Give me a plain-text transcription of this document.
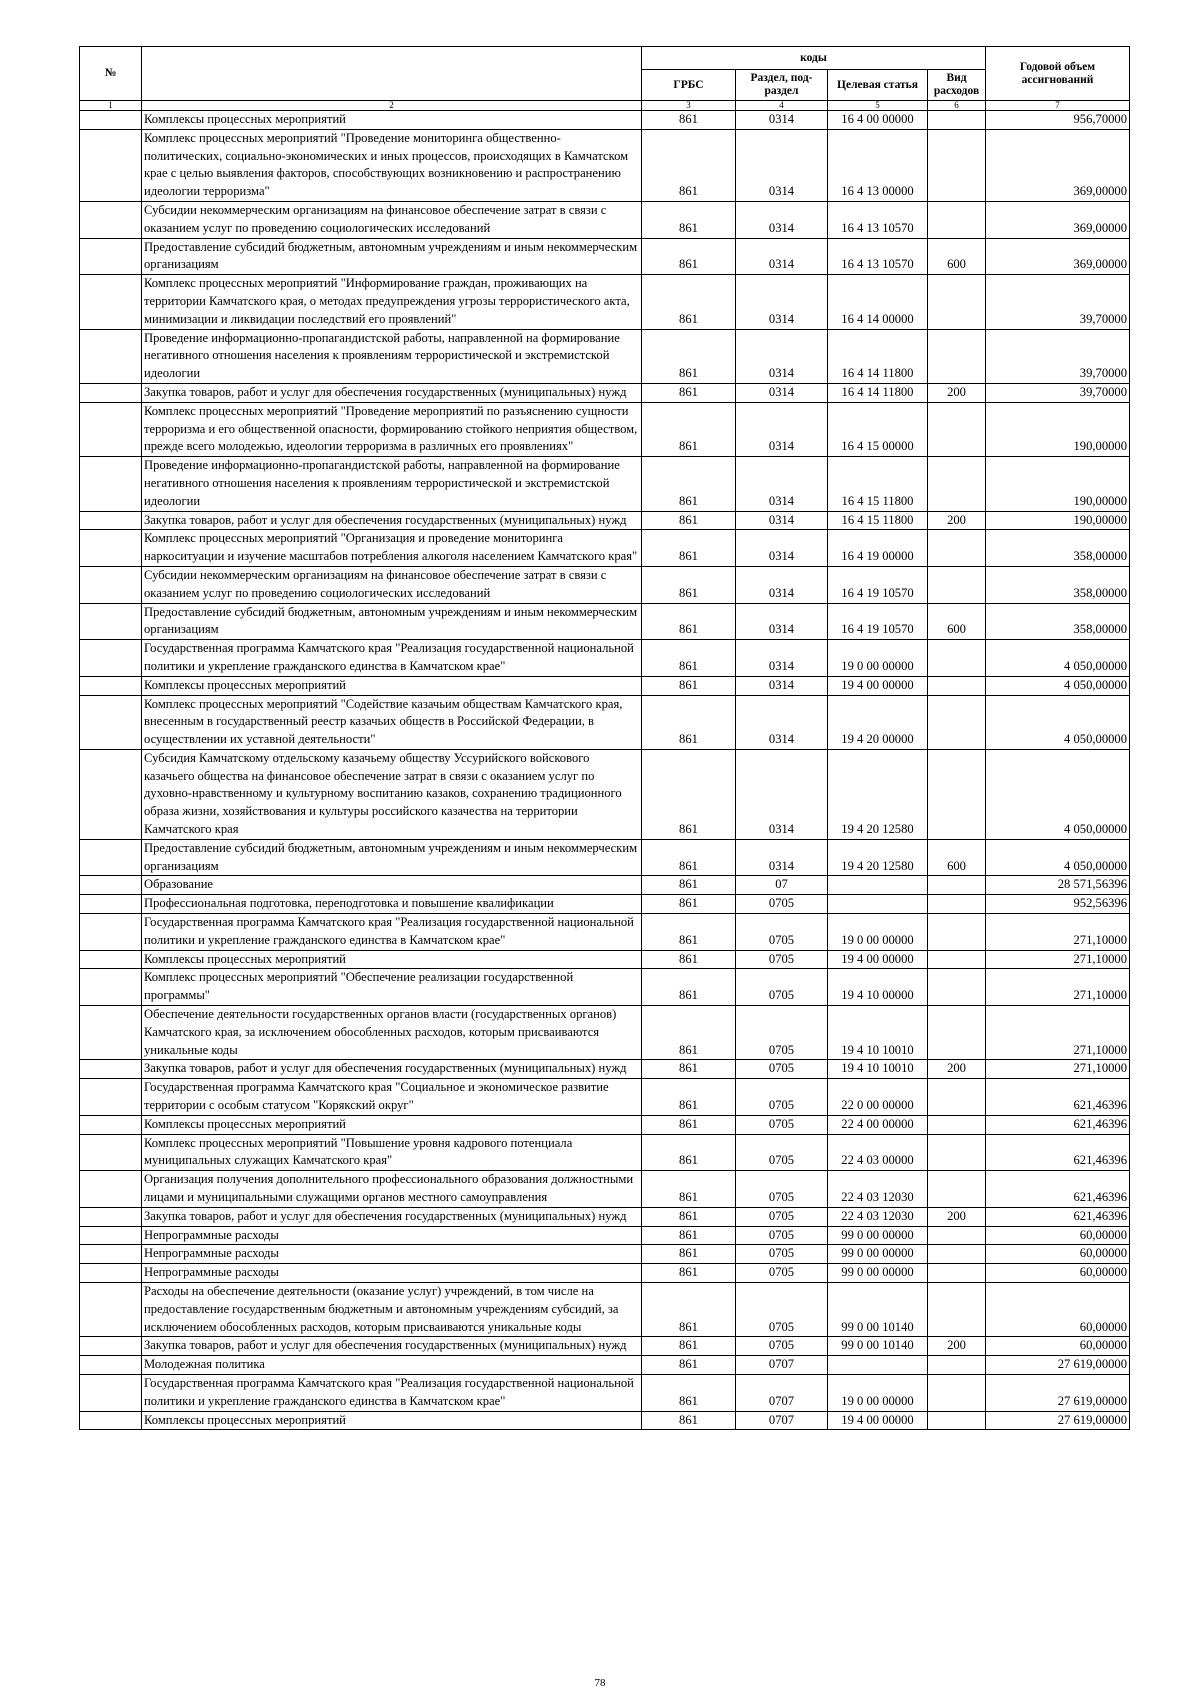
№		коды				Годовой объем ассигнований
		ГРБС	Раздел, под-раздел	Целевая статья	Вид расходов	
1	2	3	4	5	6	7
	Комплексы процессных мероприятий	861	0314	16 4 00 00000		956,70000
	Комплекс процессных мероприятий "Проведение мониторинга общественно-политических, социально-экономических и иных процессов, происходящих в Камчатском крае с целью выявления факторов, способствующих возникновению и распространению идеологии терроризма"	861	0314	16 4 13 00000		369,00000
	Субсидии некоммерческим организациям на финансовое обеспечение затрат в связи с оказанием услуг по проведению социологических исследований	861	0314	16 4 13 10570		369,00000
	Предоставление субсидий бюджетным, автономным учреждениям и иным некоммерческим организациям	861	0314	16 4 13 10570	600	369,00000
	Комплекс процессных мероприятий "Информирование граждан, проживающих на территории Камчатского края, о методах предупреждения угрозы террористического акта, минимизации и ликвидации последствий его проявлений"	861	0314	16 4 14 00000		39,70000
	Проведение информационно-пропагандистской работы, направленной на формирование негативного отношения населения к проявлениям террористической и экстремистской идеологии	861	0314	16 4 14 11800		39,70000
	Закупка товаров, работ и услуг для обеспечения государственных (муниципальных) нужд	861	0314	16 4 14 11800	200	39,70000
	Комплекс процессных мероприятий "Проведение мероприятий по разъяснению сущности терроризма и его общественной опасности, формированию стойкого неприятия обществом, прежде всего молодежью, идеологии терроризма в различных его проявлениях"	861	0314	16 4 15 00000		190,00000
	Проведение информационно-пропагандистской работы, направленной на формирование негативного отношения населения к проявлениям террористической и экстремистской идеологии	861	0314	16 4 15 11800		190,00000
	Закупка товаров, работ и услуг для обеспечения государственных (муниципальных) нужд	861	0314	16 4 15 11800	200	190,00000
	Комплекс процессных мероприятий "Организация и проведение мониторинга наркоситуации и изучение масштабов потребления алкоголя населением Камчатского края"	861	0314	16 4 19 00000		358,00000
	Субсидии некоммерческим организациям на финансовое обеспечение затрат в связи с оказанием услуг по проведению социологических исследований	861	0314	16 4 19 10570		358,00000
	Предоставление субсидий бюджетным, автономным учреждениям и иным некоммерческим организациям	861	0314	16 4 19 10570	600	358,00000
	Государственная программа Камчатского края "Реализация государственной национальной политики и укрепление гражданского единства в Камчатском крае"	861	0314	19 0 00 00000		4 050,00000
	Комплексы процессных мероприятий	861	0314	19 4 00 00000		4 050,00000
	Комплекс процессных мероприятий "Содействие казачьим обществам Камчатского края, внесенным в государственный реестр казачьих обществ в Российской Федерации, в осуществлении их уставной деятельности"	861	0314	19 4 20 00000		4 050,00000
	Субсидия Камчатскому отдельскому казачьему обществу Уссурийского войскового казачьего общества на финансовое обеспечение затрат в связи с оказанием услуг по духовно-нравственному и культурному воспитанию казаков, сохранению традиционного образа жизни, хозяйствования и культуры российского казачества на территории Камчатского края	861	0314	19 4 20 12580		4 050,00000
	Предоставление субсидий бюджетным, автономным учреждениям и иным некоммерческим организациям	861	0314	19 4 20 12580	600	4 050,00000
	Образование	861	07			28 571,56396
	Профессиональная подготовка, переподготовка и повышение квалификации	861	0705			952,56396
	Государственная программа Камчатского края "Реализация государственной национальной политики и укрепление гражданского единства в Камчатском крае"	861	0705	19 0 00 00000		271,10000
	Комплексы процессных мероприятий	861	0705	19 4 00 00000		271,10000
	Комплекс процессных мероприятий "Обеспечение реализации государственной программы"	861	0705	19 4 10 00000		271,10000
	Обеспечение деятельности государственных органов власти (государственных органов) Камчатского края, за исключением обособленных расходов, которым присваиваются уникальные коды	861	0705	19 4 10 10010		271,10000
	Закупка товаров, работ и услуг для обеспечения государственных (муниципальных) нужд	861	0705	19 4 10 10010	200	271,10000
	Государственная программа Камчатского края "Социальное и экономическое развитие территории с особым статусом "Корякский округ"	861	0705	22 0 00 00000		621,46396
	Комплексы процессных мероприятий	861	0705	22 4 00 00000		621,46396
	Комплекс процессных мероприятий "Повышение уровня кадрового потенциала муниципальных служащих Камчатского края"	861	0705	22 4 03 00000		621,46396
	Организация получения дополнительного профессионального образования должностными лицами и муниципальными служащими органов местного самоуправления	861	0705	22 4 03 12030		621,46396
	Закупка товаров, работ и услуг для обеспечения государственных (муниципальных) нужд	861	0705	22 4 03 12030	200	621,46396
	Непрограммные расходы	861	0705	99 0 00 00000		60,00000
	Непрограммные расходы	861	0705	99 0 00 00000		60,00000
	Непрограммные расходы	861	0705	99 0 00 00000		60,00000
	Расходы на обеспечение деятельности (оказание услуг) учреждений, в том числе на предоставление государственным бюджетным и автономным учреждениям субсидий, за исключением обособленных расходов, которым присваиваются уникальные коды	861	0705	99 0 00 10140		60,00000
	Закупка товаров, работ и услуг для обеспечения государственных (муниципальных) нужд	861	0705	99 0 00 10140	200	60,00000
	Молодежная политика	861	0707			27 619,00000
	Государственная программа Камчатского края "Реализация государственной национальной политики и укрепление гражданского единства в Камчатском крае"	861	0707	19 0 00 00000		27 619,00000
	Комплексы процессных мероприятий	861	0707	19 4 00 00000		27 619,00000
78
